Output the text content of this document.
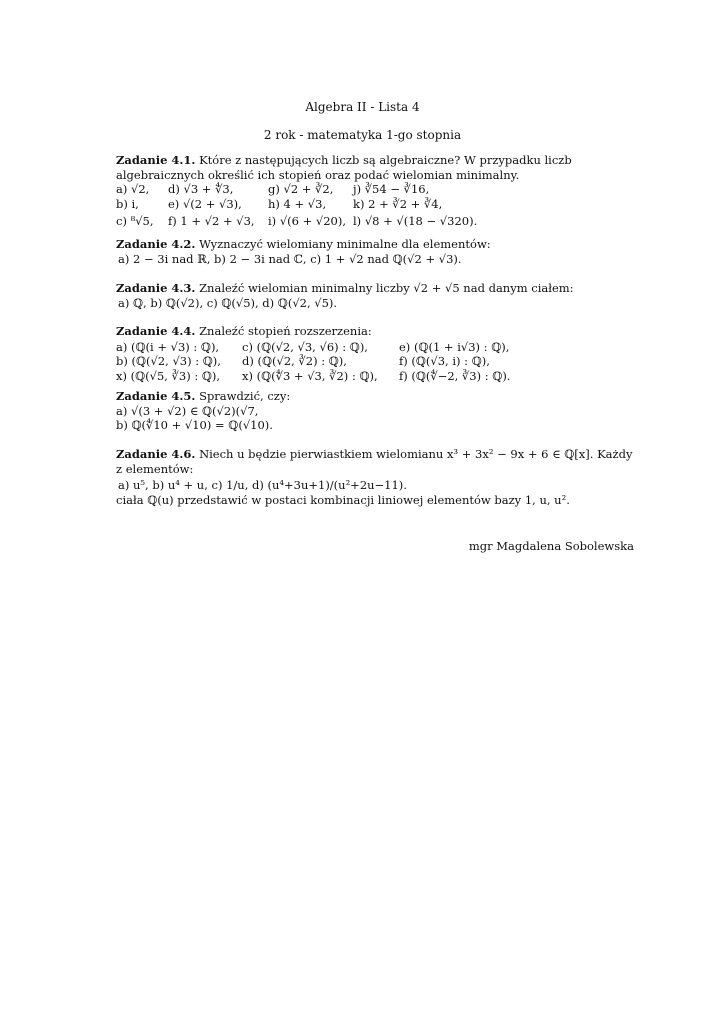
Algebra II - Lista 4
2 rok - matematyka 1-go stopnia
Zadanie 4.1. Które z następujących liczb są algebraiczne? W przypadku liczb algebraicznych określić ich stopień oraz podać wielomian minimalny.
a) √2,	d) √3 + ∜3,	g) √2 + ∛2,	j) ∛54 − ∛16,
b) i,	e) √(2 + √3),	h) 4 + √3,	k) 2 + ∛2 + ∛4,
c) ⁸√5,	f) 1 + √2 + √3,	i) √(6 + √20), l) √8 + √(18 − √320).
Zadanie 4.2. Wyznaczyć wielomiany minimalne dla elementów:
a) 2 − 3i nad ℝ, b) 2 − 3i nad ℂ, c) 1 + √2 nad ℚ(√2 + √3).
Zadanie 4.3. Znaleźć wielomian minimalny liczby √2 + √5 nad danym ciałem:
a) ℚ, b) ℚ(√2), c) ℚ(√5), d) ℚ(√2, √5).
Zadanie 4.4. Znaleźć stopień rozszerzenia:
a) (ℚ(i + √3) : ℚ),	c) (ℚ(√2, √3, √6) : ℚ),	e) (ℚ(1 + i√3) : ℚ),
b) (ℚ(√2, √3) : ℚ),	d) (ℚ(√2, ∛2) : ℚ),	f) (ℚ(√3, i) : ℚ),
x) (ℚ(√5, ∛3) : ℚ),	x) (ℚ(∜3 + √3, ∛2) : ℚ),	f) (ℚ(∜−2, ∛3) : ℚ).
Zadanie 4.5. Sprawdzić, czy:
a) √(3 + √2) ∈ ℚ(√2)(√7,
b) ℚ(∜10 + √10) = ℚ(√10).
Zadanie 4.6. Niech u będzie pierwiastkiem wielomianu x³ + 3x² − 9x + 6 ∈ ℚ[x]. Każdy z elementów:
a) u⁵, b) u⁴ + u, c) 1/u, d) (u⁴+3u+1)/(u²+2u−11).
ciała ℚ(u) przedstawić w postaci kombinacji liniowej elementów bazy 1, u, u².
mgr Magdalena Sobolewska
